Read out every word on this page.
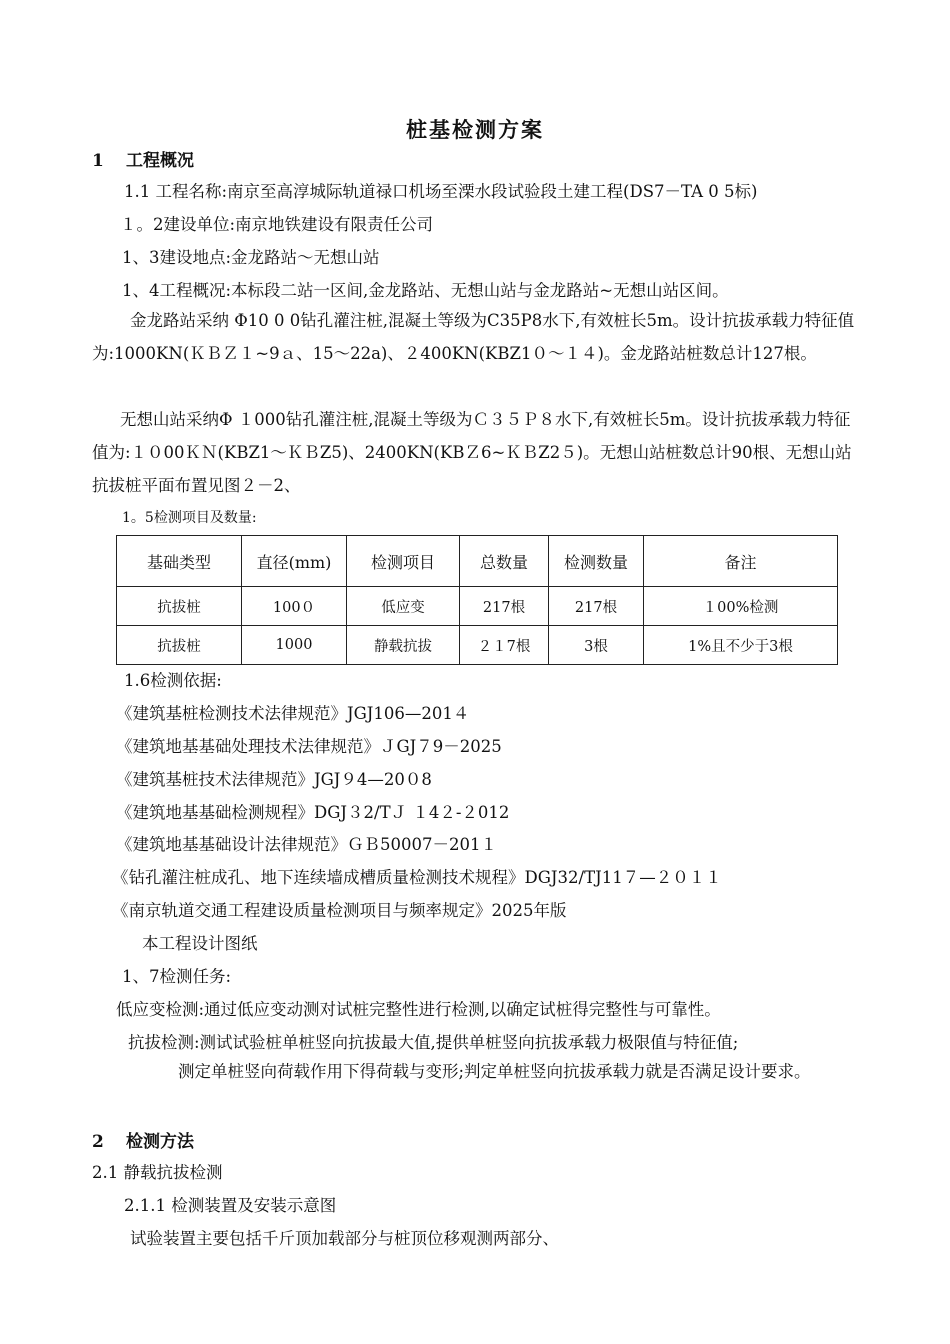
桩基检测方案
1 工程概况
1.1 工程名称:南京至高淳城际轨道禄口机场至溧水段试验段土建工程(DS7－TA 0 5标)
１。2建设单位:南京地铁建设有限责任公司
1、3建设地点:金龙路站～无想山站
1、4工程概况:本标段二站一区间,金龙路站、无想山站与金龙路站~无想山站区间。
金龙路站采纳 Φ10 0 0钻孔灌注桩,混凝土等级为C35P8水下,有效桩长5m。设计抗拔承载力特征值为:1000KN(ＫＢＺ１~9ａ、15～22a)、２400KN(KBZ1０～１４)。金龙路站桩数总计127根。
无想山站采纳Φ １000钻孔灌注桩,混凝土等级为Ｃ３５Ｐ８水下,有效桩长5m。设计抗拔承载力特征值为:１０00ＫＮ(KBZ1～ＫＢZ5)、2400KN(KBＺ6~ＫＢZ2５)。无想山站桩数总计90根、无想山站抗拔桩平面布置见图２－2、
1。5检测项目及数量:
基础类型	直径(mm)	检测项目	总数量	检测数量	备注
抗拔桩	100０	低应变	217根	217根	１00%检测
抗拔桩	1000	静载抗拔	２１7根	3根	1%且不少于3根
1.6检测依据:
《建筑基桩检测技术法律规范》JGJ106—201４
《建筑地基基础处理技术法律规范》ＪGJ７9－2025
《建筑基桩技术法律规范》JGJ９4—20０8
《建筑地基基础检测规程》DGJ３2/TＪ １4２-２012
《建筑地基基础设计法律规范》ＧＢ50007－201１
《钻孔灌注桩成孔、地下连续墙成槽质量检测技术规程》DGJ32/TJ11７—２０１１
《南京轨道交通工程建设质量检测项目与频率规定》2025年版
本工程设计图纸
1、7检测任务:
低应变检测:通过低应变动测对试桩完整性进行检测,以确定试桩得完整性与可靠性。
抗拔检测:测试试验桩单桩竖向抗拔最大值,提供单桩竖向抗拔承载力极限值与特征值;
测定单桩竖向荷载作用下得荷载与变形;判定单桩竖向抗拔承载力就是否满足设计要求。
2 检测方法
2.1 静载抗拔检测
2.1.1 检测装置及安装示意图
试验装置主要包括千斤顶加载部分与桩顶位移观测两部分、
